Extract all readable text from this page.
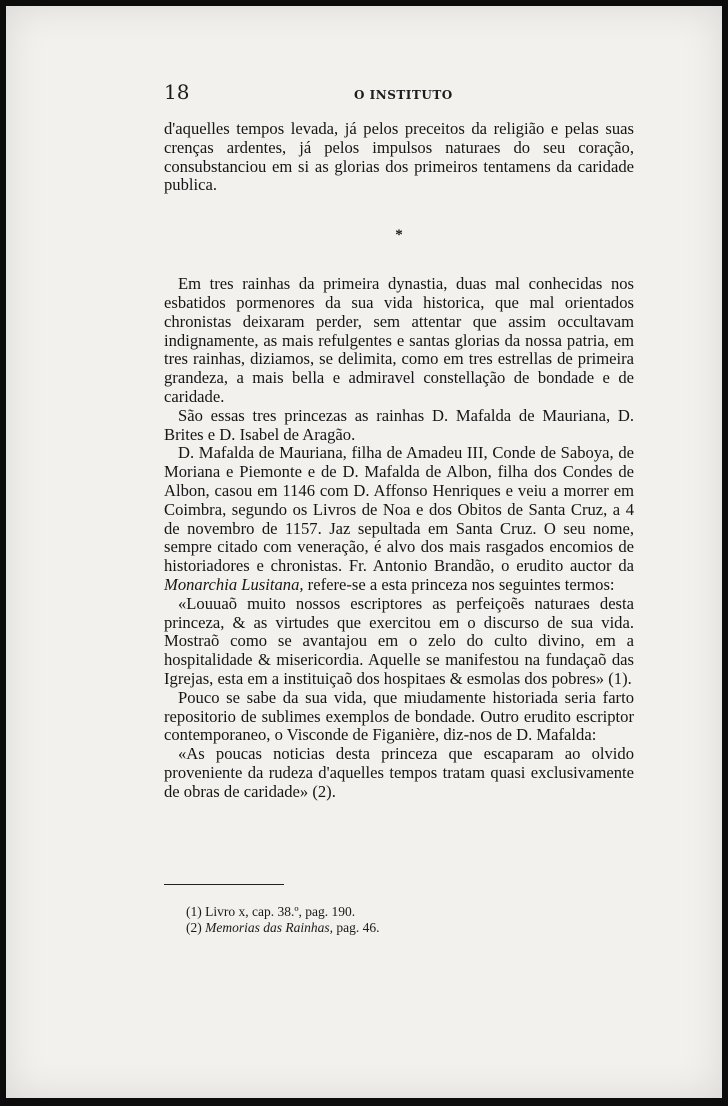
18	O INSTITUTO

d'aquelles tempos levada, já pelos preceitos da religião e pelas suas crenças ardentes, já pelos impulsos naturaes do seu coração, consubstanciou em si as glorias dos primeiros tentamens da caridade publica.

*

Em tres rainhas da primeira dynastia, duas mal conhecidas nos esbatidos pormenores da sua vida historica, que mal orientados chronistas deixaram perder, sem attentar que assim occultavam indignamente, as mais refulgentes e santas glorias da nossa patria, em tres rainhas, diziamos, se delimita, como em tres estrellas de primeira grandeza, a mais bella e admiravel constellação de bondade e de caridade.

São essas tres princezas as rainhas D. Mafalda de Mauriana, D. Brites e D. Isabel de Aragão.

D. Mafalda de Mauriana, filha de Amadeu III, Conde de Saboya, de Moriana e Piemonte e de D. Mafalda de Albon, filha dos Condes de Albon, casou em 1146 com D. Affonso Henriques e veiu a morrer em Coimbra, segundo os Livros de Noa e dos Obitos de Santa Cruz, a 4 de novembro de 1157. Jaz sepultada em Santa Cruz. O seu nome, sempre citado com veneração, é alvo dos mais rasgados encomios de historiadores e chronistas. Fr. Antonio Brandão, o erudito auctor da Monarchia Lusitana, refere-se a esta princeza nos seguintes termos:

«Louuaõ muito nossos escriptores as perfeiçoẽs naturaes desta princeza, & as virtudes que exercitou em o discurso de sua vida. Mostraõ como se avantajou em o zelo do culto divino, em a hospitalidade & misericordia. Aquelle se manifestou na fundaçaõ das Igrejas, esta em a instituiçaõ dos hospitaes & esmolas dos pobres» (1).

Pouco se sabe da sua vida, que miudamente historiada seria farto repositorio de sublimes exemplos de bondade. Outro erudito escriptor contemporaneo, o Visconde de Figanière, diz-nos de D. Mafalda:

«As poucas noticias desta princeza que escaparam ao olvido proveniente da rudeza d'aquelles tempos tratam quasi exclusivamente de obras de caridade» (2).

(1) Livro x, cap. 38.º, pag. 190.

(2) Memorias das Rainhas, pag. 46.
